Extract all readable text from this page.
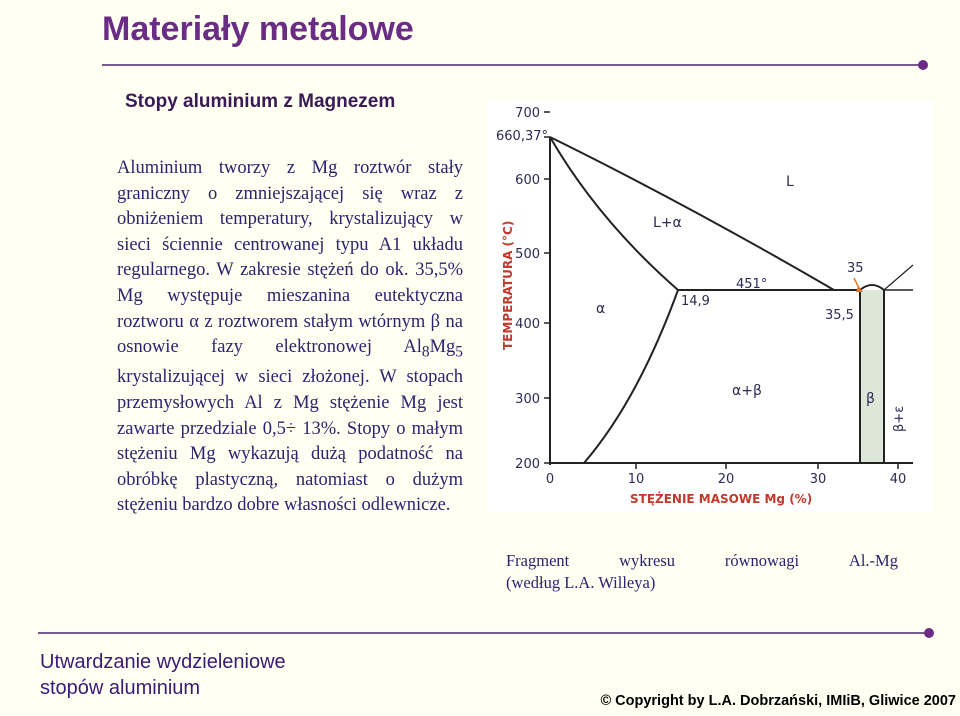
Materiały metalowe
Stopy aluminium z Magnezem
Aluminium tworzy z Mg roztwór stały graniczny o zmniejszającej się wraz z obniżeniem temperatury, krystalizujący w sieci ściennie centrowanej typu A1 układu regularnego. W zakresie stężeń do ok. 35,5% Mg występuje mieszanina eutektyczna roztworu α z roztworem stałym wtórnym β na osnowie fazy elektronowej $Al_8Mg_5$ krystalizującej w sieci złożonej. W stopach przemysłowych Al z Mg stężenie Mg jest zawarte przedziale 0,5÷ 13%. Stopy o małym stężeniu Mg wykazują dużą podatność na obróbkę plastyczną, natomiast o dużym stężeniu bardzo dobre własności odlewnicze.
700
660,37°
600
500
400
300
200
0	10	20	30	40
TEMPERATURA (°C)
STĘŻENIE MASOWE Mg (%)
L
L+α
α
α+β	β
β+ε
451°
14,9
35
35,5
Fragment	wykresu	równowagi	Al.-Mg
(według L.A. Willeya)
Utwardzanie wydzieleniowe
stopów aluminium
© Copyright by L.A. Dobrzański, IMIiB, Gliwice 2007
